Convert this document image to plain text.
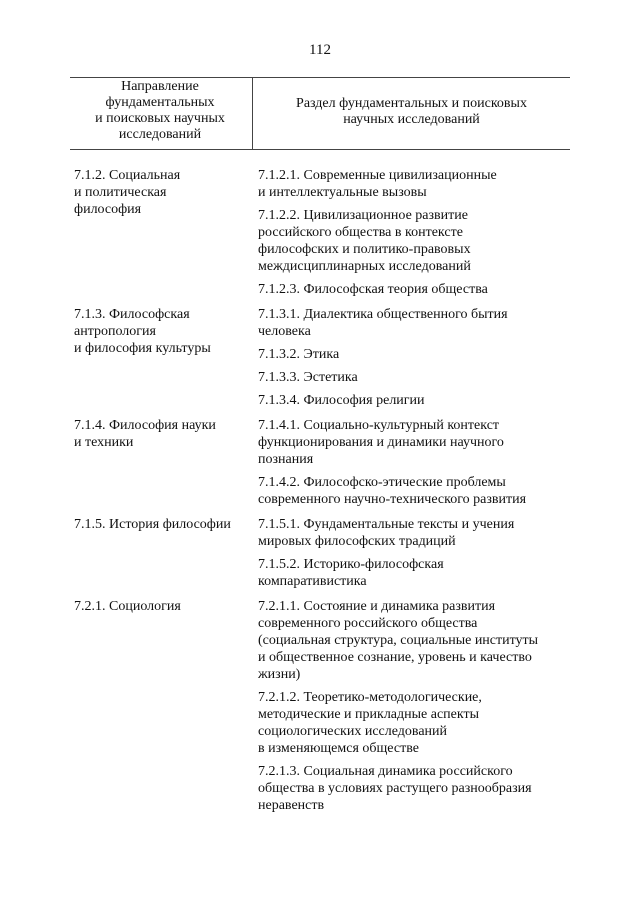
112
Направление
фундаментальных
и поисковых научных
исследований
Раздел фундаментальных и поисковых
научных исследований
7.1.2. Социальная
и политическая
философия
7.1.2.1. Современные цивилизационные
и интеллектуальные вызовы
7.1.2.2. Цивилизационное развитие
российского общества в контексте
философских и политико-правовых
междисциплинарных исследований
7.1.2.3. Философская теория общества
7.1.3. Философская
антропология
и философия культуры
7.1.3.1. Диалектика общественного бытия
человека
7.1.3.2. Этика
7.1.3.3. Эстетика
7.1.3.4. Философия религии
7.1.4. Философия науки
и техники
7.1.4.1. Социально-культурный контекст
функционирования и динамики научного
познания
7.1.4.2. Философско-этические проблемы
современного научно-технического развития
7.1.5. История философии	7.1.5.1. Фундаментальные тексты и учения
мировых философских традиций
7.1.5.2. Историко-философская
компаративистика
7.2.1. Социология	7.2.1.1. Состояние и динамика развития
современного российского общества
(социальная структура, социальные институты
и общественное сознание, уровень и качество
жизни)
7.2.1.2. Теоретико-методологические,
методические и прикладные аспекты
социологических исследований
в изменяющемся обществе
7.2.1.3. Социальная динамика российского
общества в условиях растущего разнообразия
неравенств
